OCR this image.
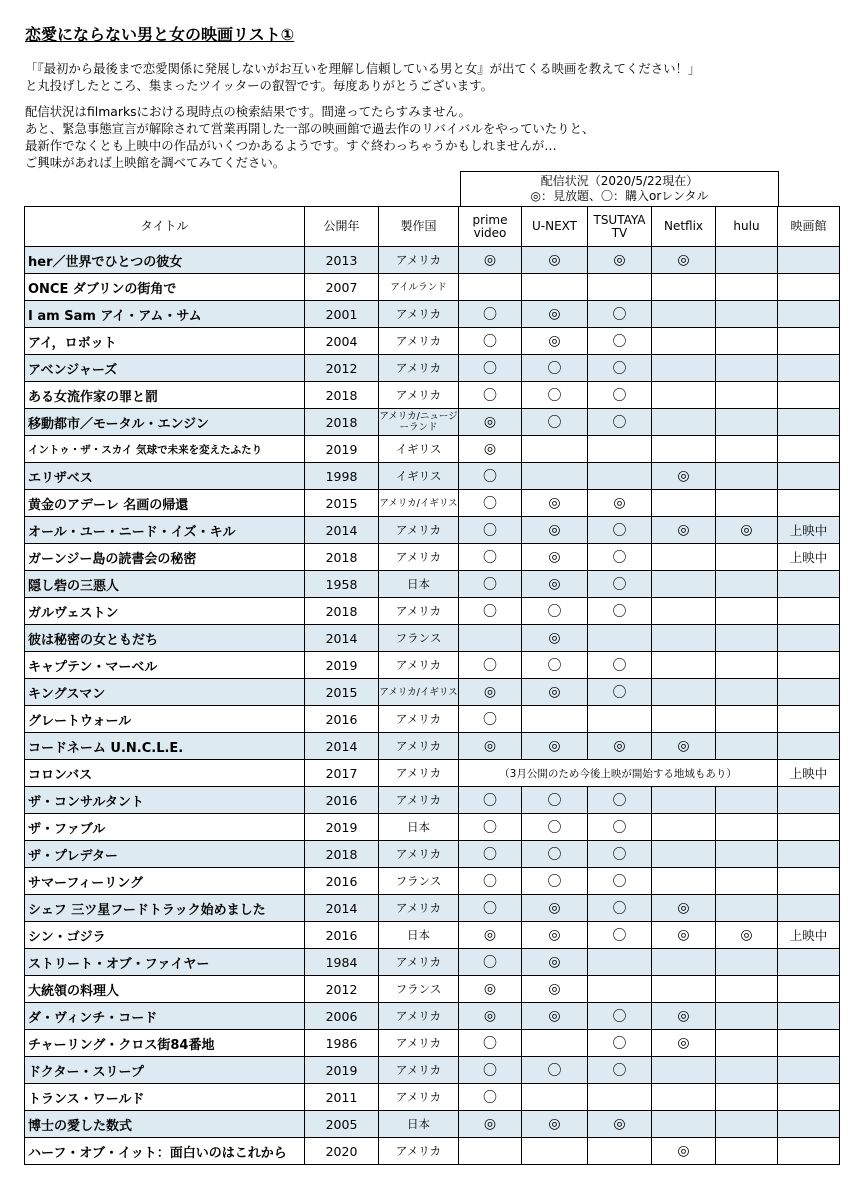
恋愛にならない男と女の映画リスト①
「『最初から最後まで恋愛関係に発展しないがお互いを理解し信頼している男と女』が出てくる映画を教えてください！」
と丸投げしたところ、集まったツイッターの叡智です。毎度ありがとうございます。
配信状況はfilmarksにおける現時点の検索結果です。間違ってたらすみません。
あと、緊急事態宣言が解除されて営業再開した一部の映画館で過去作のリバイバルをやっていたりと、
最新作でなくとも上映中の作品がいくつかあるようです。すぐ終わっちゃうかもしれませんが…
ご興味があれば上映館を調べてみてください。
配信状況（2020/5/22現在）
◎：見放題、〇：購入orレンタル
タイトル	公開年	製作国	prime
video	U-NEXT	TSUTAYA
TV	Netflix	hulu	映画館
her／世界でひとつの彼女	2013	アメリカ	◎	◎	◎	◎		
ONCE ダブリンの街角で	2007	アイルランド						
I am Sam アイ・アム・サム	2001	アメリカ	〇	◎	〇			
アイ，ロボット	2004	アメリカ	〇	◎	〇			
アベンジャーズ	2012	アメリカ	〇	〇	〇			
ある女流作家の罪と罰	2018	アメリカ	〇	〇	〇			
移動都市／モータル・エンジン	2018	アメリカ/ニュージーランド	◎	〇	〇			
イントゥ・ザ・スカイ 気球で未来を変えたふたり	2019	イギリス	◎					
エリザベス	1998	イギリス	〇			◎		
黄金のアデーレ 名画の帰還	2015	アメリカ/イギリス	〇	◎	◎			
オール・ユー・ニード・イズ・キル	2014	アメリカ	〇	◎	〇	◎	◎	上映中
ガーンジー島の読書会の秘密	2018	アメリカ	〇	◎	〇			上映中
隠し砦の三悪人	1958	日本	〇	◎	〇			
ガルヴェストン	2018	アメリカ	〇	〇	〇			
彼は秘密の女ともだち	2014	フランス		◎				
キャプテン・マーベル	2019	アメリカ	〇	〇	〇			
キングスマン	2015	アメリカ/イギリス	◎	◎	〇			
グレートウォール	2016	アメリカ	〇					
コードネーム U.N.C.L.E.	2014	アメリカ	◎	◎	◎	◎		
コロンバス	2017	アメリカ	（3月公開のため今後上映が開始する地域もあり）					上映中
ザ・コンサルタント	2016	アメリカ	〇	〇	〇			
ザ・ファブル	2019	日本	〇	〇	〇			
ザ・プレデター	2018	アメリカ	〇	〇	〇			
サマーフィーリング	2016	フランス	〇	〇	〇			
シェフ 三ツ星フードトラック始めました	2014	アメリカ	〇	◎	〇	◎		
シン・ゴジラ	2016	日本	◎	◎	〇	◎	◎	上映中
ストリート・オブ・ファイヤー	1984	アメリカ	〇	◎				
大統領の料理人	2012	フランス	◎	◎				
ダ・ヴィンチ・コード	2006	アメリカ	◎	◎	〇	◎		
チャーリング・クロス街84番地	1986	アメリカ	〇		〇	◎		
ドクター・スリープ	2019	アメリカ	〇	〇	〇			
トランス・ワールド	2011	アメリカ	〇					
博士の愛した数式	2005	日本	◎	◎	◎			
ハーフ・オブ・イット：面白いのはこれから	2020	アメリカ				◎		
